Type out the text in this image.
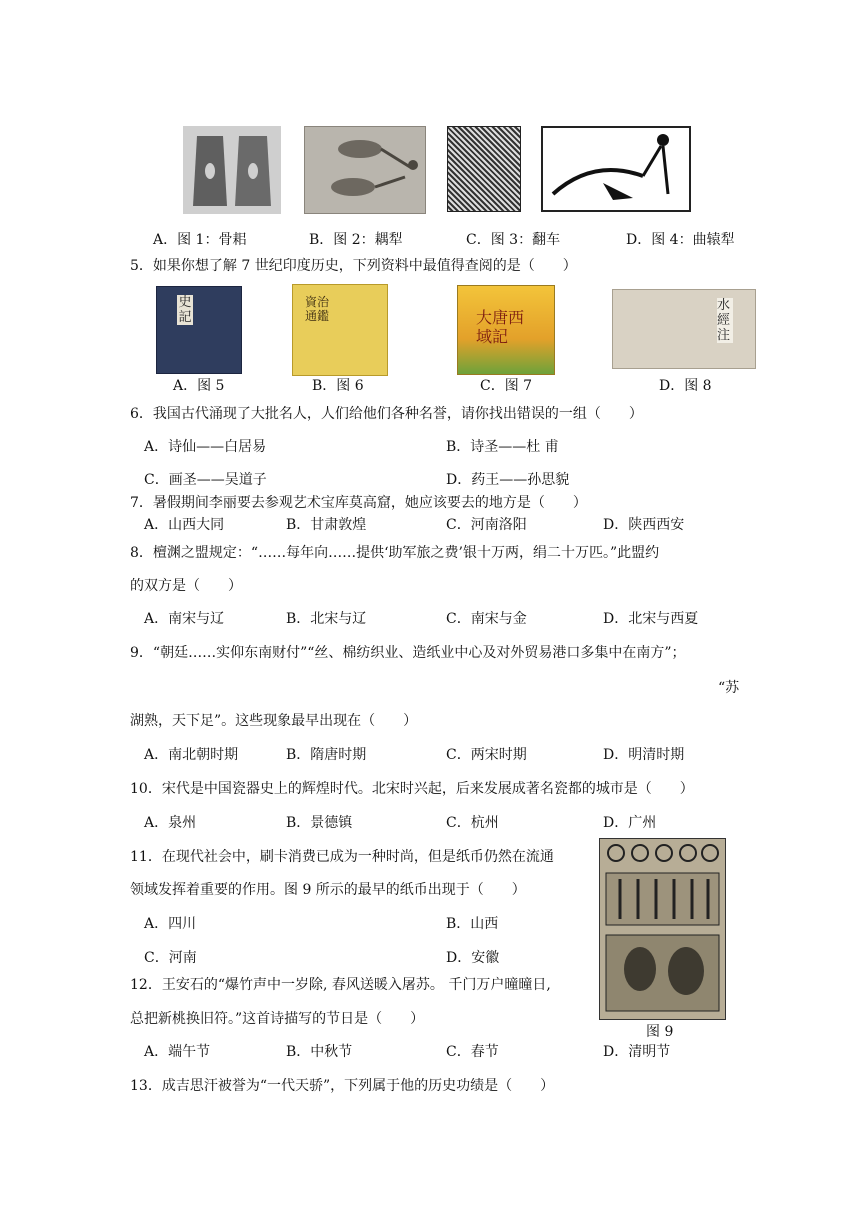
A．图 1：骨耜	B．图 2：耦犁	C．图 3：翻车	D．图 4：曲辕犁
5．如果你想了解 7 世纪印度历史，下列资料中最值得查阅的是（　　）
史記
資治通鑑	大唐西域記
水經注
A．图 5	B．图 6	C．图 7	D．图 8
6．我国古代涌现了大批名人，人们给他们各种名誉，请你找出错误的一组（　　）
A．诗仙——白居易	B．诗圣——杜 甫
C．画圣——吴道子	D．药王——孙思貌
7．暑假期间李丽要去参观艺术宝库莫高窟，她应该要去的地方是（　　）
A．山西大同	B．甘肃敦煌	C．河南洛阳	D．陕西西安
8．檀渊之盟规定：“……每年向……提供‘助军旅之费’银十万两，绢二十万匹。”此盟约
的双方是（　　）
A．南宋与辽	B．北宋与辽	C．南宋与金	D．北宋与西夏
9．“朝廷……实仰东南财付”“丝、棉纺织业、造纸业中心及对外贸易港口多集中在南方”；
“苏
湖熟，天下足”。这些现象最早出现在（　　）
A．南北朝时期	B．隋唐时期	C．两宋时期	D．明清时期
10．宋代是中国瓷器史上的辉煌时代。北宋时兴起，后来发展成著名瓷都的城市是（　　）
A．泉州	B．景德镇	C．杭州	D．广州
11．在现代社会中，刷卡消费已成为一种时尚，但是纸币仍然在流通
领域发挥着重要的作用。图 9 所示的最早的纸币出现于（　　）
A．四川	B．山西
C．河南	D．安徽
图 9
12．王安石的“爆竹声中一岁除, 春风送暖入屠苏。 千门万户曈曈日,
总把新桃换旧符。”这首诗描写的节日是（　　）
A．端午节	B．中秋节	C．春节	D．清明节
13．成吉思汗被誉为“一代天骄”，下列属于他的历史功绩是（　　）
